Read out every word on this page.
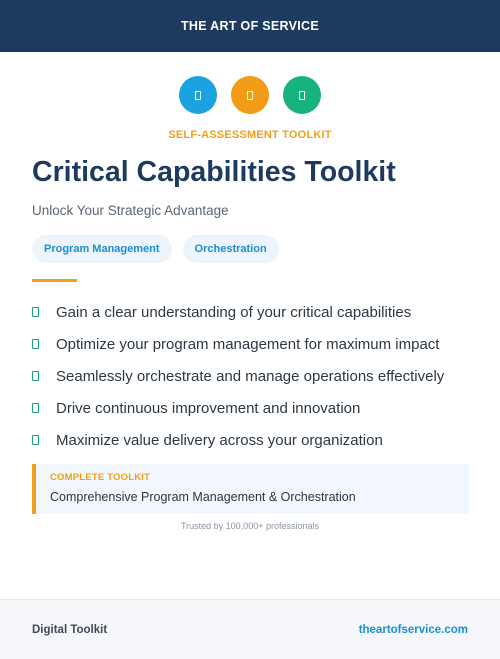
THE ART OF SERVICE
SELF-ASSESSMENT TOOLKIT
Critical Capabilities Toolkit
Unlock Your Strategic Advantage
Program Management	Orchestration
Gain a clear understanding of your critical capabilities
Optimize your program management for maximum impact
Seamlessly orchestrate and manage operations effectively
Drive continuous improvement and innovation
Maximize value delivery across your organization
COMPLETE TOOLKIT
Comprehensive Program Management & Orchestration
Trusted by 100,000+ professionals
Digital Toolkit	theartofservice.com
